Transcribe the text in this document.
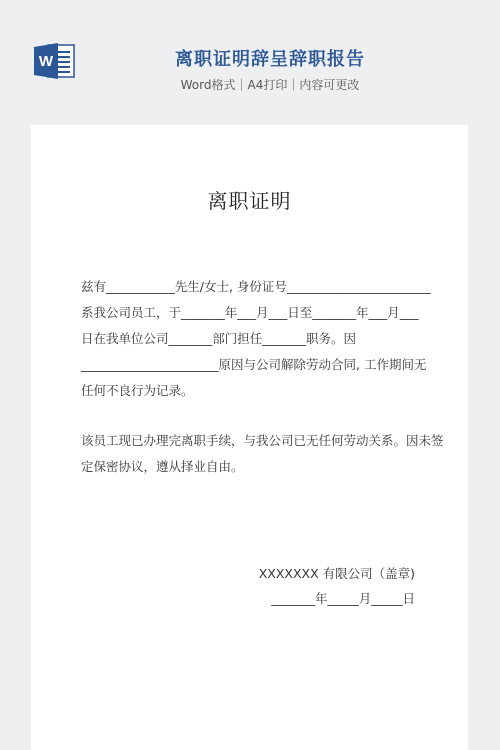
W	离职证明辞呈辞职报告
Word格式｜A4打印｜内容可更改
离职证明
兹有___________先生/女士, 身份证号_______________________
系我公司员工，于_______年___月___日至_______年___月___
日在我单位公司_______部门担任_______职务。因
______________________原因与公司解除劳动合同, 工作期间无
任何不良行为记录。
该员工现已办理完离职手续，与我公司已无任何劳动关系。因未签
定保密协议，遵从择业自由。
XXXXXXX 有限公司（盖章)
_______年_____月_____日
